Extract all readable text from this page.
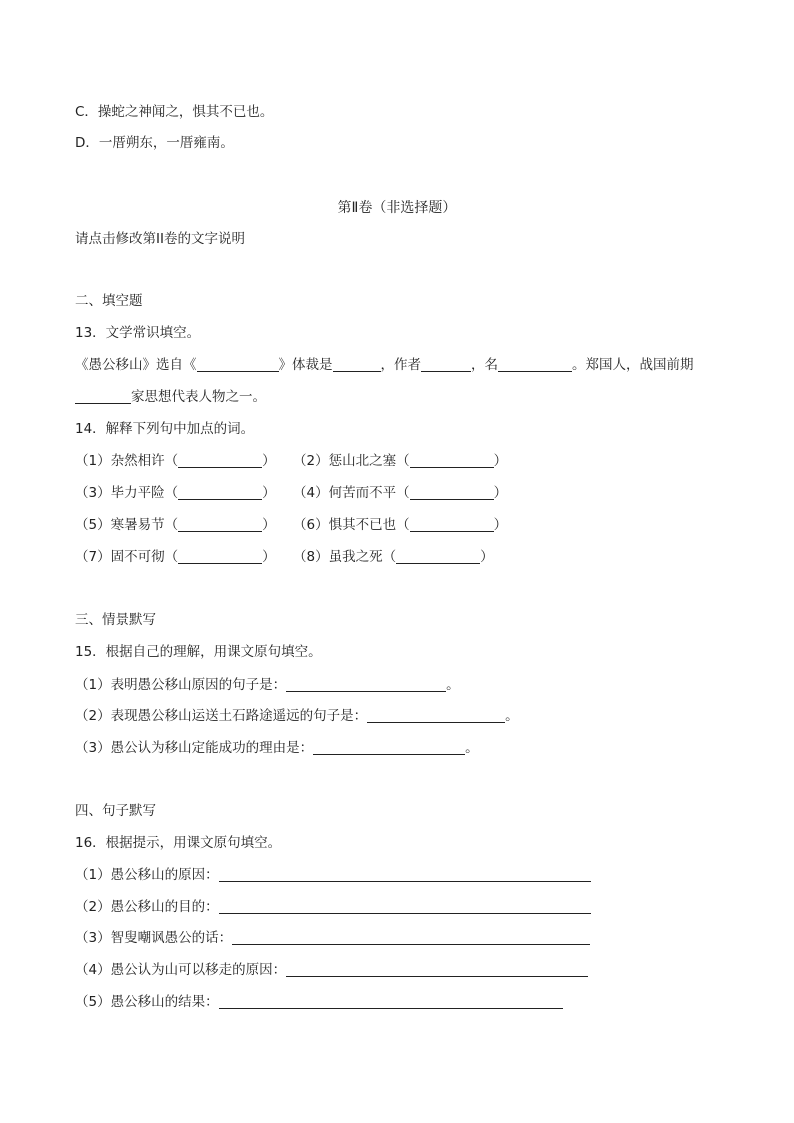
C．操蛇之神闻之，惧其不已也。
D．一厝朔东，一厝雍南。
第Ⅱ卷（非选择题）
请点击修改第II卷的文字说明
二、填空题
13．文学常识填空。
《愚公移山》选自《	》体裁是	，作者	，名	。郑国人，战国前期
家思想代表人物之一。
14．解释下列句中加点的词。
（1）杂然相许（	） （2）惩山北之塞（	）
（3）毕力平险（	） （4）何苦而不平（	）
（5）寒暑易节（	） （6）惧其不已也（	）
（7）固不可彻（	） （8）虽我之死（	）
三、情景默写
15．根据自己的理解，用课文原句填空。
（1）表明愚公移山原因的句子是：	。
（2）表现愚公移山运送土石路途遥远的句子是：	。
（3）愚公认为移山定能成功的理由是：	。
四、句子默写
16．根据提示，用课文原句填空。
（1）愚公移山的原因：
（2）愚公移山的目的：
（3）智叟嘲讽愚公的话：
（4）愚公认为山可以移走的原因：
（5）愚公移山的结果：
